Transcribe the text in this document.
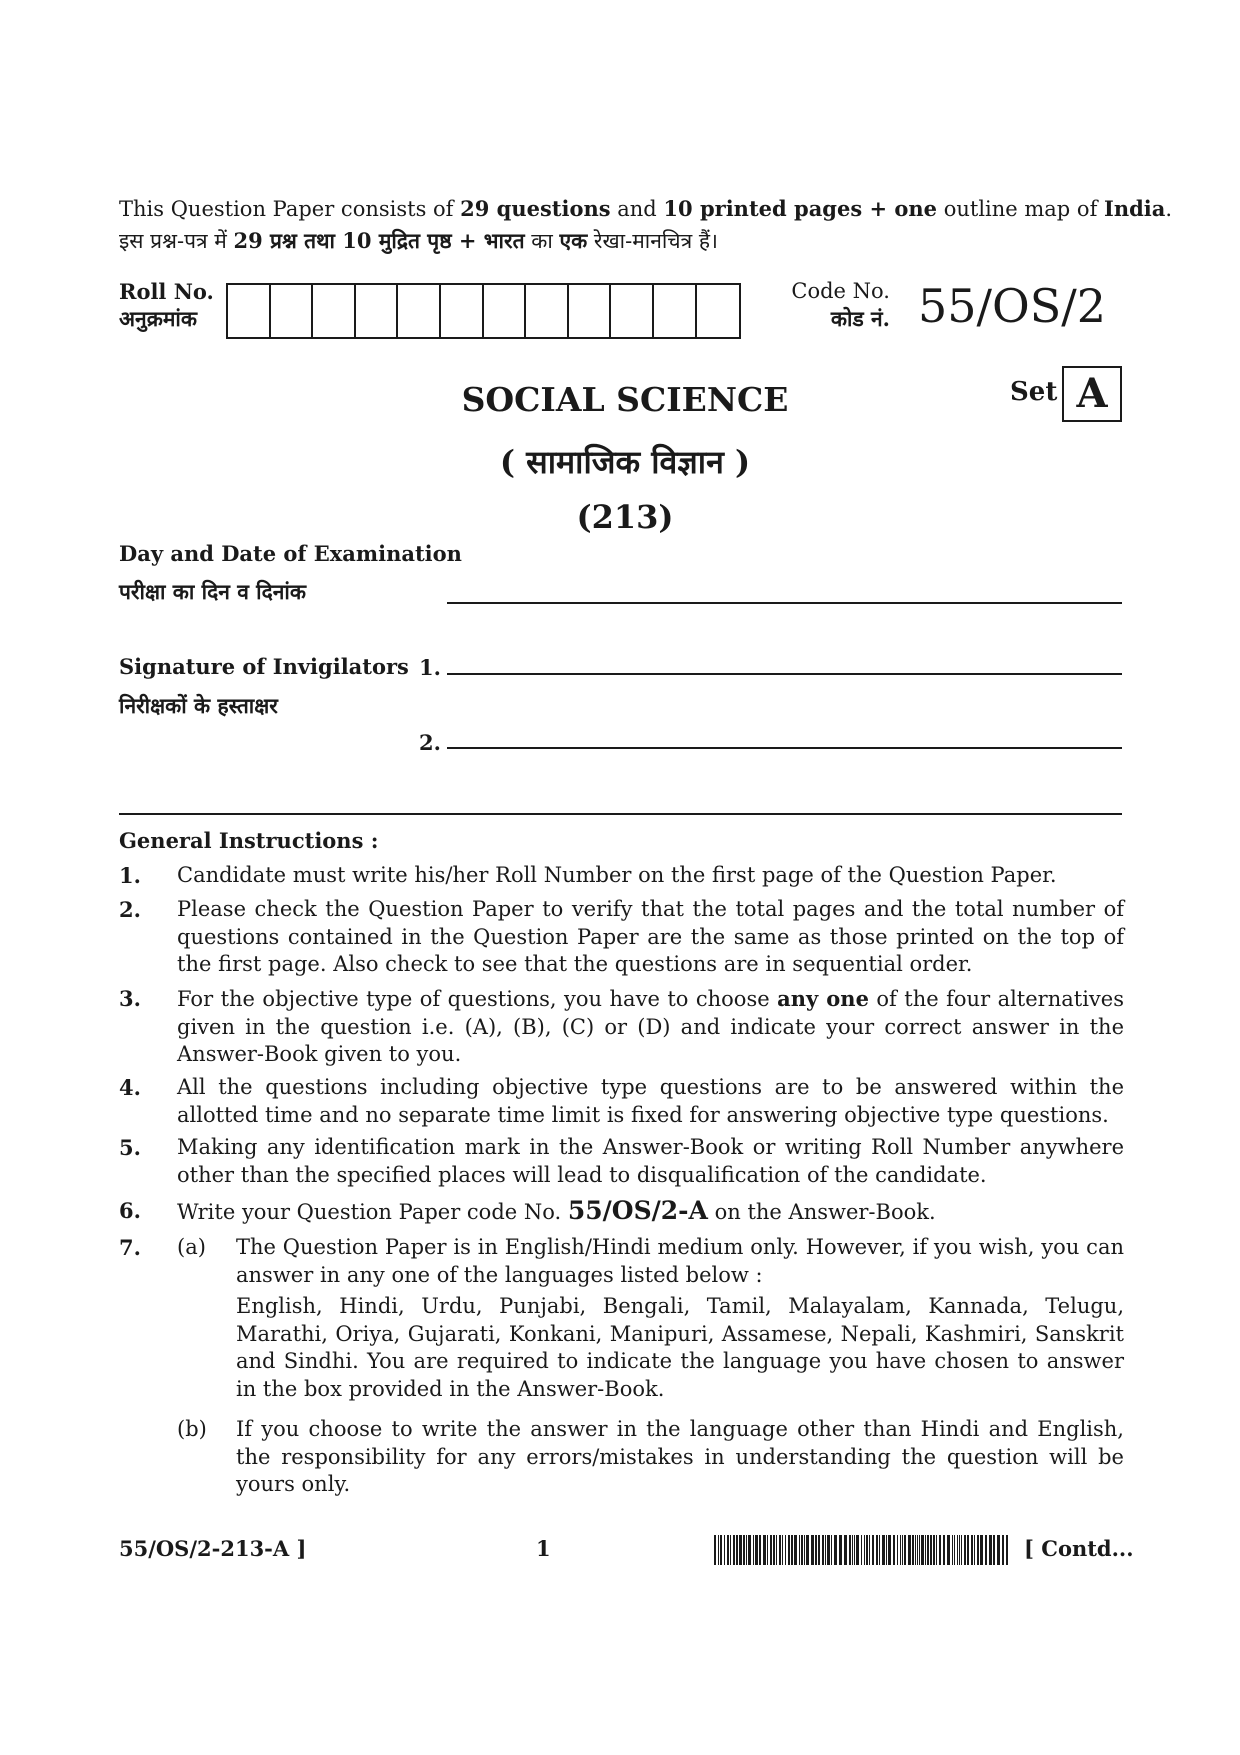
This Question Paper consists of 29 questions and 10 printed pages + one outline map of India.
इस प्रश्न-पत्र में 29 प्रश्न तथा 10 मुद्रित पृष्ठ + भारत का एक रेखा-मानचित्र हैं।
Roll No.
अनुक्रमांक
Code No.
कोड नं. 55/OS/2
Set A
SOCIAL SCIENCE
( सामाजिक विज्ञान )
(213)
Day and Date of Examination
परीक्षा का दिन व दिनांक
Signature of Invigilators
निरीक्षकों के हस्ताक्षर
1.
2.
General Instructions :
1. Candidate must write his/her Roll Number on the first page of the Question Paper.
2. Please check the Question Paper to verify that the total pages and the total number of questions contained in the Question Paper are the same as those printed on the top of the first page. Also check to see that the questions are in sequential order.
3. For the objective type of questions, you have to choose any one of the four alternatives given in the question i.e. (A), (B), (C) or (D) and indicate your correct answer in the Answer-Book given to you.
4. All the questions including objective type questions are to be answered within the allotted time and no separate time limit is fixed for answering objective type questions.
5. Making any identification mark in the Answer-Book or writing Roll Number anywhere other than the specified places will lead to disqualification of the candidate.
6. Write your Question Paper code No. 55/OS/2-A on the Answer-Book.
7. (a) The Question Paper is in English/Hindi medium only. However, if you wish, you can answer in any one of the languages listed below :

English, Hindi, Urdu, Punjabi, Bengali, Tamil, Malayalam, Kannada, Telugu, Marathi, Oriya, Gujarati, Konkani, Manipuri, Assamese, Nepali, Kashmiri, Sanskrit and Sindhi. You are required to indicate the language you have chosen to answer in the box provided in the Answer-Book.

(b) If you choose to write the answer in the language other than Hindi and English, the responsibility for any errors/mistakes in understanding the question will be yours only.
55/OS/2-213-A ]	1	[ Contd...
